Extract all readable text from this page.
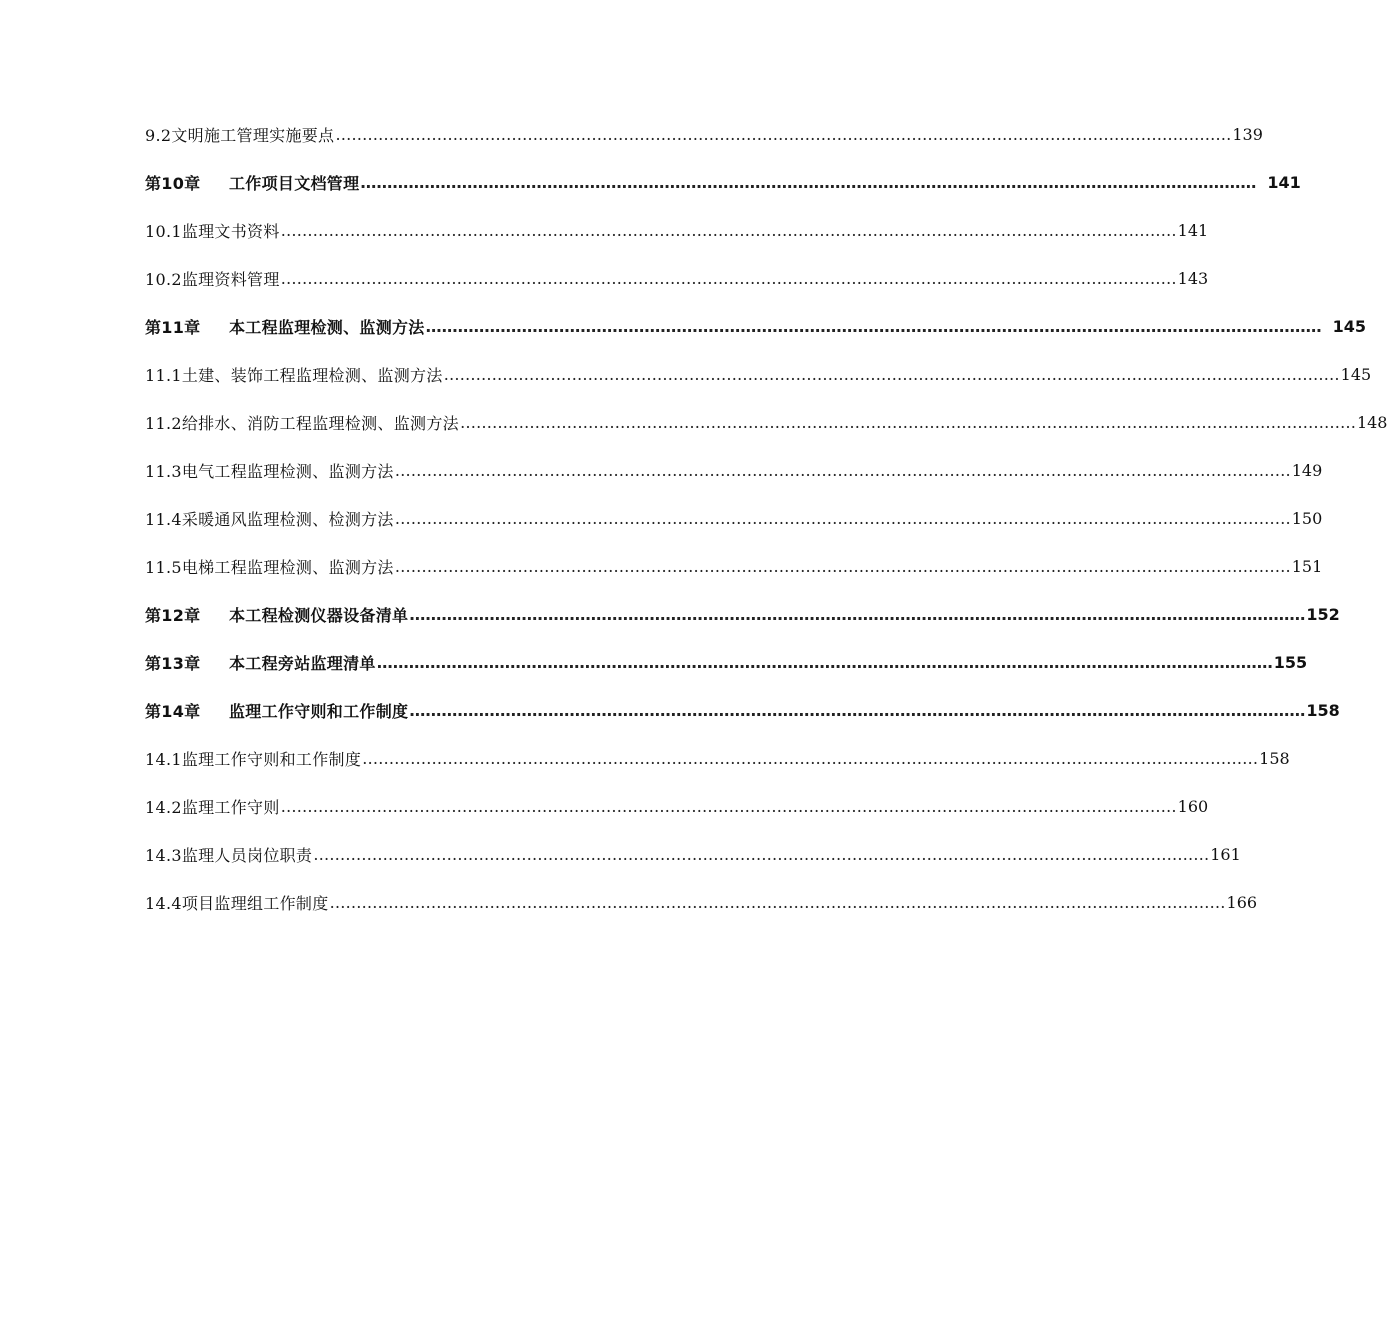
9.2文明施工管理实施要点 …………………………………………………………………………………………………………………………………………………… 139
第10章 工作项目文档管理 …………………………………………………………………………………………………………………………………………………… 141
10.1监理文书资料 …………………………………………………………………………………………………………………………………………………… 141
10.2监理资料管理 …………………………………………………………………………………………………………………………………………………… 143
第11章 本工程监理检测、监测方法 …………………………………………………………………………………………………………………………………………………… 145
11.1土建、装饰工程监理检测、监测方法 …………………………………………………………………………………………………………………………………………………… 145
11.2给排水、消防工程监理检测、监测方法 …………………………………………………………………………………………………………………………………………………… 148
11.3电气工程监理检测、监测方法 …………………………………………………………………………………………………………………………………………………… 149
11.4采暖通风监理检测、检测方法 …………………………………………………………………………………………………………………………………………………… 150
11.5电梯工程监理检测、监测方法 …………………………………………………………………………………………………………………………………………………… 151
第12章 本工程检测仪器设备清单 …………………………………………………………………………………………………………………………………………………… 152
第13章 本工程旁站监理清单 …………………………………………………………………………………………………………………………………………………… 155
第14章 监理工作守则和工作制度 …………………………………………………………………………………………………………………………………………………… 158
14.1监理工作守则和工作制度 …………………………………………………………………………………………………………………………………………………… 158
14.2监理工作守则 …………………………………………………………………………………………………………………………………………………… 160
14.3监理人员岗位职责 …………………………………………………………………………………………………………………………………………………… 161
14.4项目监理组工作制度 …………………………………………………………………………………………………………………………………………………… 166
